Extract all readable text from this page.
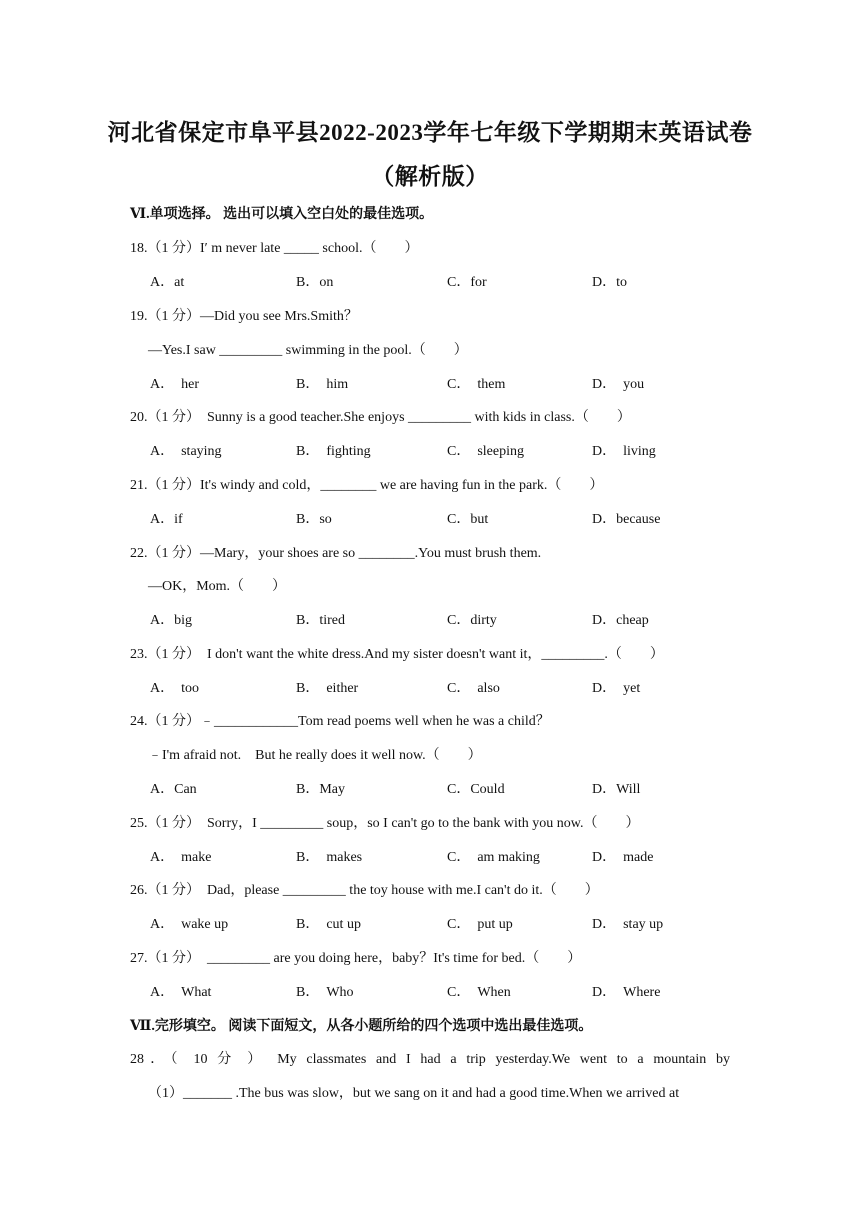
河北省保定市阜平县2022-2023学年七年级下学期期末英语试卷
（解析版）
Ⅵ.单项选择。 选出可以填入空白处的最佳选项。
18.（1 分）I′ m never late _____ school.（　　）
A．at	B．on	C．for	D．to
19.（1 分）—Did you see Mrs.Smith？
—Yes.I saw _________ swimming in the pool.（　　）
A．　her	B．　him	C．　them	D．　you
20.（1 分）　Sunny is a good teacher.She enjoys _________ with kids in class.（　　）
A．　staying	B．　fighting	C．　sleeping	D．　living
21.（1 分）It's windy and cold，________ we are having fun in the park.（　　）
A．if	B．so	C．but	D．because
22.（1 分）—Mary，your shoes are so ________.You must brush them.
—OK，Mom.（　　）
A．big	B．tired	C．dirty	D．cheap
23.（1 分）　I don't want the white dress.And my sister doesn't want it，_________.（　　）
A．　too	B．　either	C．　also	D．　yet
24.（1 分）﹣____________Tom read poems well when he was a child？
﹣I'm afraid not.　But he really does it well now.（　　）
A．Can	B．May	C．Could	D．Will
25.（1 分）　Sorry，I _________ soup，so I can't go to the bank with you now.（　　）
A．　make	B．　makes	C．　am making	D．　made
26.（1 分）　Dad，please _________ the toy house with me.I can't do it.（　　）
A．　wake up	B．　cut up	C．　put up	D．　stay up
27.（1 分）　_________ are you doing here，baby？It's time for bed.（　　）
A．　What	B．　Who	C．　When	D．　Where
Ⅶ.完形填空。 阅读下面短文，从各小题所给的四个选项中选出最佳选项。
28．（ 10 分 ） My classmates and I had a trip yesterday.We went to a mountain by
（1）_______ .The bus was slow，but we sang on it and had a good time.When we arrived at
